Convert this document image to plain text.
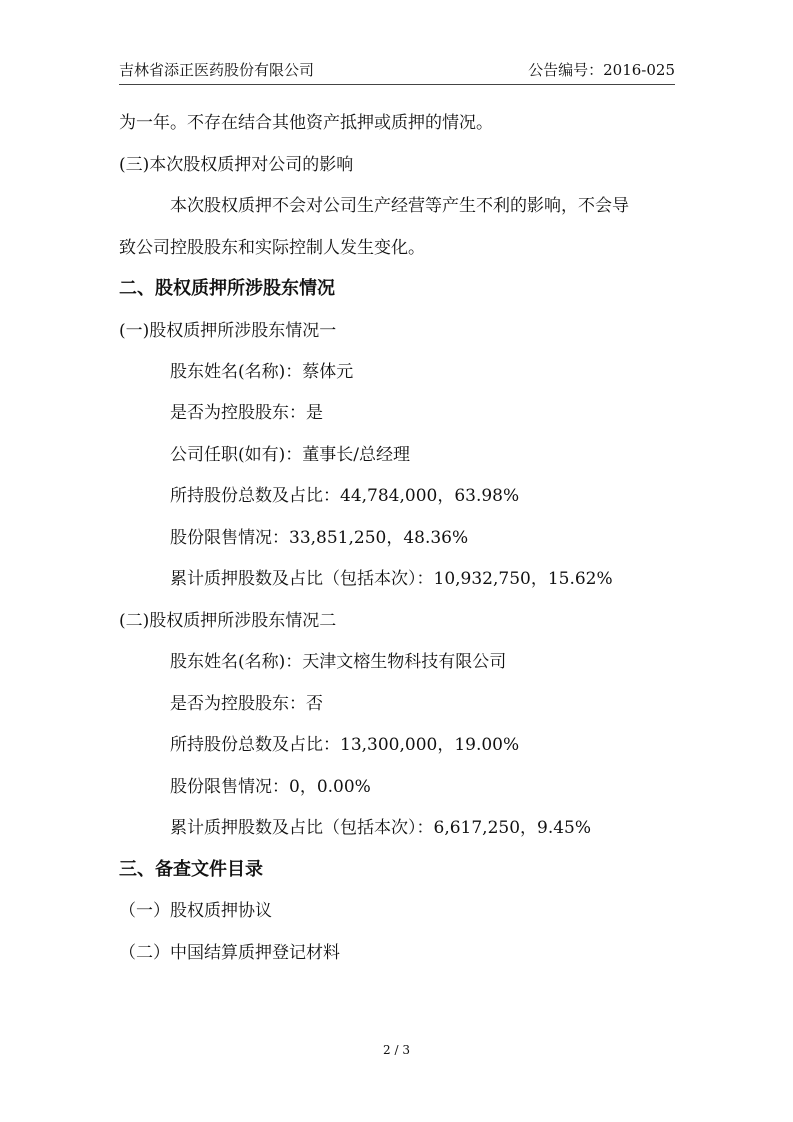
吉林省添正医药股份有限公司	公告编号：2016-025
为一年。不存在结合其他资产抵押或质押的情况。
(三)本次股权质押对公司的影响
本次股权质押不会对公司生产经营等产生不利的影响，不会导
致公司控股股东和实际控制人发生变化。
二、股权质押所涉股东情况
(一)股权质押所涉股东情况一
股东姓名(名称)：蔡体元
是否为控股股东：是
公司任职(如有)：董事长/总经理
所持股份总数及占比：44,784,000，63.98%
股份限售情况：33,851,250，48.36%
累计质押股数及占比（包括本次）：10,932,750，15.62%
(二)股权质押所涉股东情况二
股东姓名(名称)：天津文榕生物科技有限公司
是否为控股股东：否
所持股份总数及占比：13,300,000，19.00%
股份限售情况：0，0.00%
累计质押股数及占比（包括本次）：6,617,250，9.45%
三、备查文件目录
（一）股权质押协议
（二）中国结算质押登记材料
2 / 3
